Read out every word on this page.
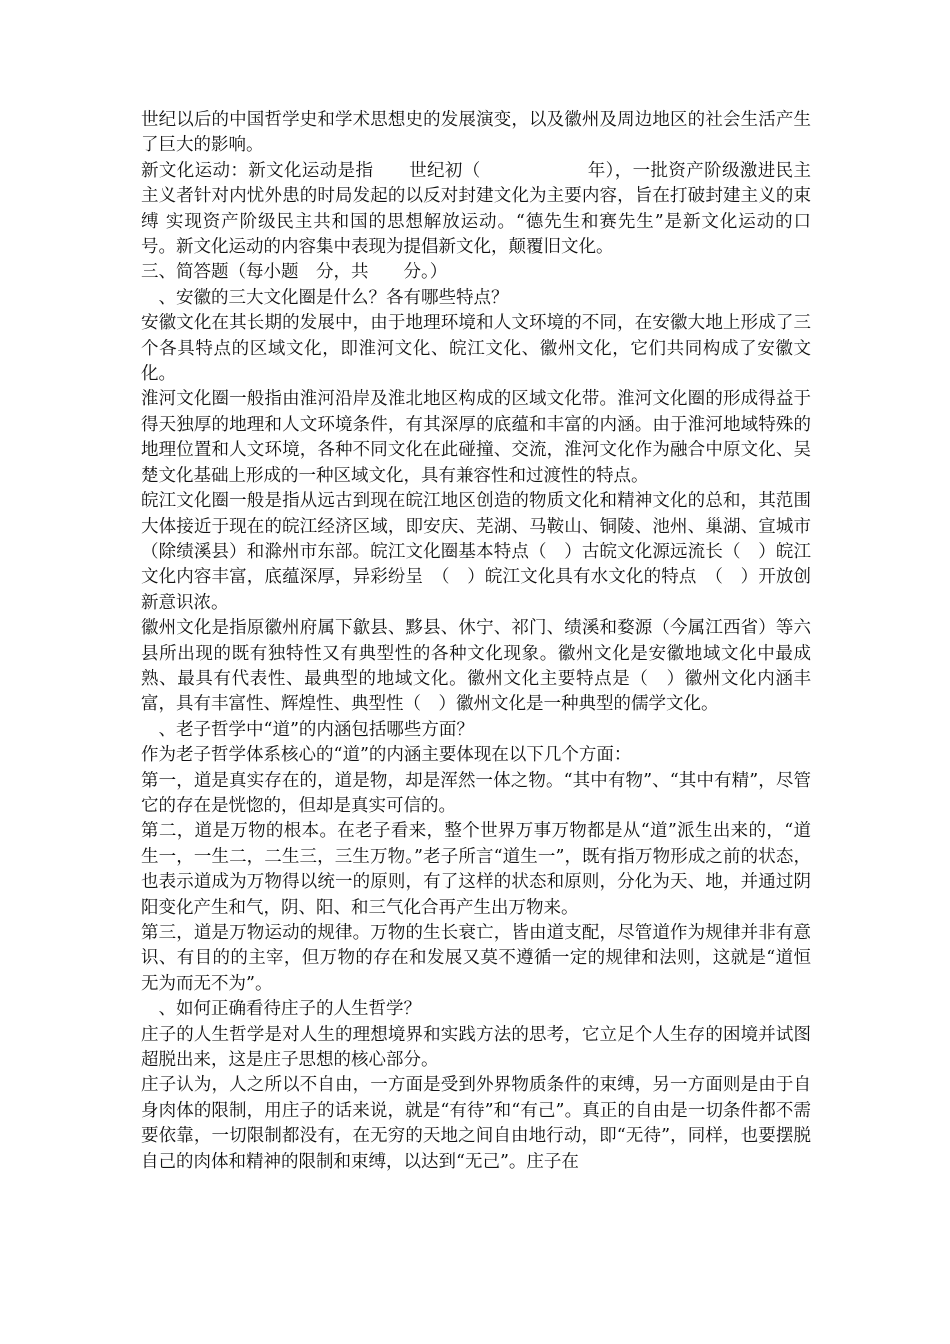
世纪以后的中国哲学史和学术思想史的发展演变，以及徽州及周边地区的社会生活产生了巨大的影响。

新文化运动：新文化运动是指　　世纪初（　　　　　　年），一批资产阶级激进民主主义者针对内忧外患的时局发起的以反对封建文化为主要内容，旨在打破封建主义的束缚 实现资产阶级民主共和国的思想解放运动。“德先生和赛先生”是新文化运动的口号。新文化运动的内容集中表现为提倡新文化，颠覆旧文化。

三、简答题（每小题　分，共　　分。）

　、安徽的三大文化圈是什么？各有哪些特点？

安徽文化在其长期的发展中，由于地理环境和人文环境的不同，在安徽大地上形成了三个各具特点的区域文化，即淮河文化、皖江文化、徽州文化，它们共同构成了安徽文化。

淮河文化圈一般指由淮河沿岸及淮北地区构成的区域文化带。淮河文化圈的形成得益于得天独厚的地理和人文环境条件，有其深厚的底蕴和丰富的内涵。由于淮河地域特殊的地理位置和人文环境，各种不同文化在此碰撞、交流，淮河文化作为融合中原文化、吴楚文化基础上形成的一种区域文化，具有兼容性和过渡性的特点。

皖江文化圈一般是指从远古到现在皖江地区创造的物质文化和精神文化的总和，其范围大体接近于现在的皖江经济区域，即安庆、芜湖、马鞍山、铜陵、池州、巢湖、宣城市（除绩溪县）和滁州市东部。皖江文化圈基本特点（　）古皖文化源远流长（　）皖江文化内容丰富，底蕴深厚，异彩纷呈　（　）皖江文化具有水文化的特点　（　）开放创新意识浓。

徽州文化是指原徽州府属下歙县、黟县、休宁、祁门、绩溪和婺源（今属江西省）等六县所出现的既有独特性又有典型性的各种文化现象。徽州文化是安徽地域文化中最成熟、最具有代表性、最典型的地域文化。徽州文化主要特点是（　）徽州文化内涵丰富，具有丰富性、辉煌性、典型性（　）徽州文化是一种典型的儒学文化。

　、老子哲学中“道”的内涵包括哪些方面？

作为老子哲学体系核心的“道”的内涵主要体现在以下几个方面：

第一，道是真实存在的，道是物，却是浑然一体之物。“其中有物”、“其中有精”，尽管它的存在是恍惚的，但却是真实可信的。

第二，道是万物的根本。在老子看来，整个世界万事万物都是从“道”派生出来的，“道生一，一生二，二生三，三生万物。”老子所言“道生一”，既有指万物形成之前的状态，也表示道成为万物得以统一的原则，有了这样的状态和原则，分化为天、地，并通过阴阳变化产生和气，阴、阳、和三气化合再产生出万物来。

第三，道是万物运动的规律。万物的生长衰亡，皆由道支配，尽管道作为规律并非有意识、有目的的主宰，但万物的存在和发展又莫不遵循一定的规律和法则，这就是“道恒无为而无不为”。

　、如何正确看待庄子的人生哲学？

庄子的人生哲学是对人生的理想境界和实践方法的思考，它立足个人生存的困境并试图超脱出来，这是庄子思想的核心部分。

庄子认为，人之所以不自由，一方面是受到外界物质条件的束缚，另一方面则是由于自身肉体的限制，用庄子的话来说，就是“有待”和“有己”。真正的自由是一切条件都不需要依靠，一切限制都没有，在无穷的天地之间自由地行动，即“无待”，同样，也要摆脱自己的肉体和精神的限制和束缚，以达到“无己”。庄子在
